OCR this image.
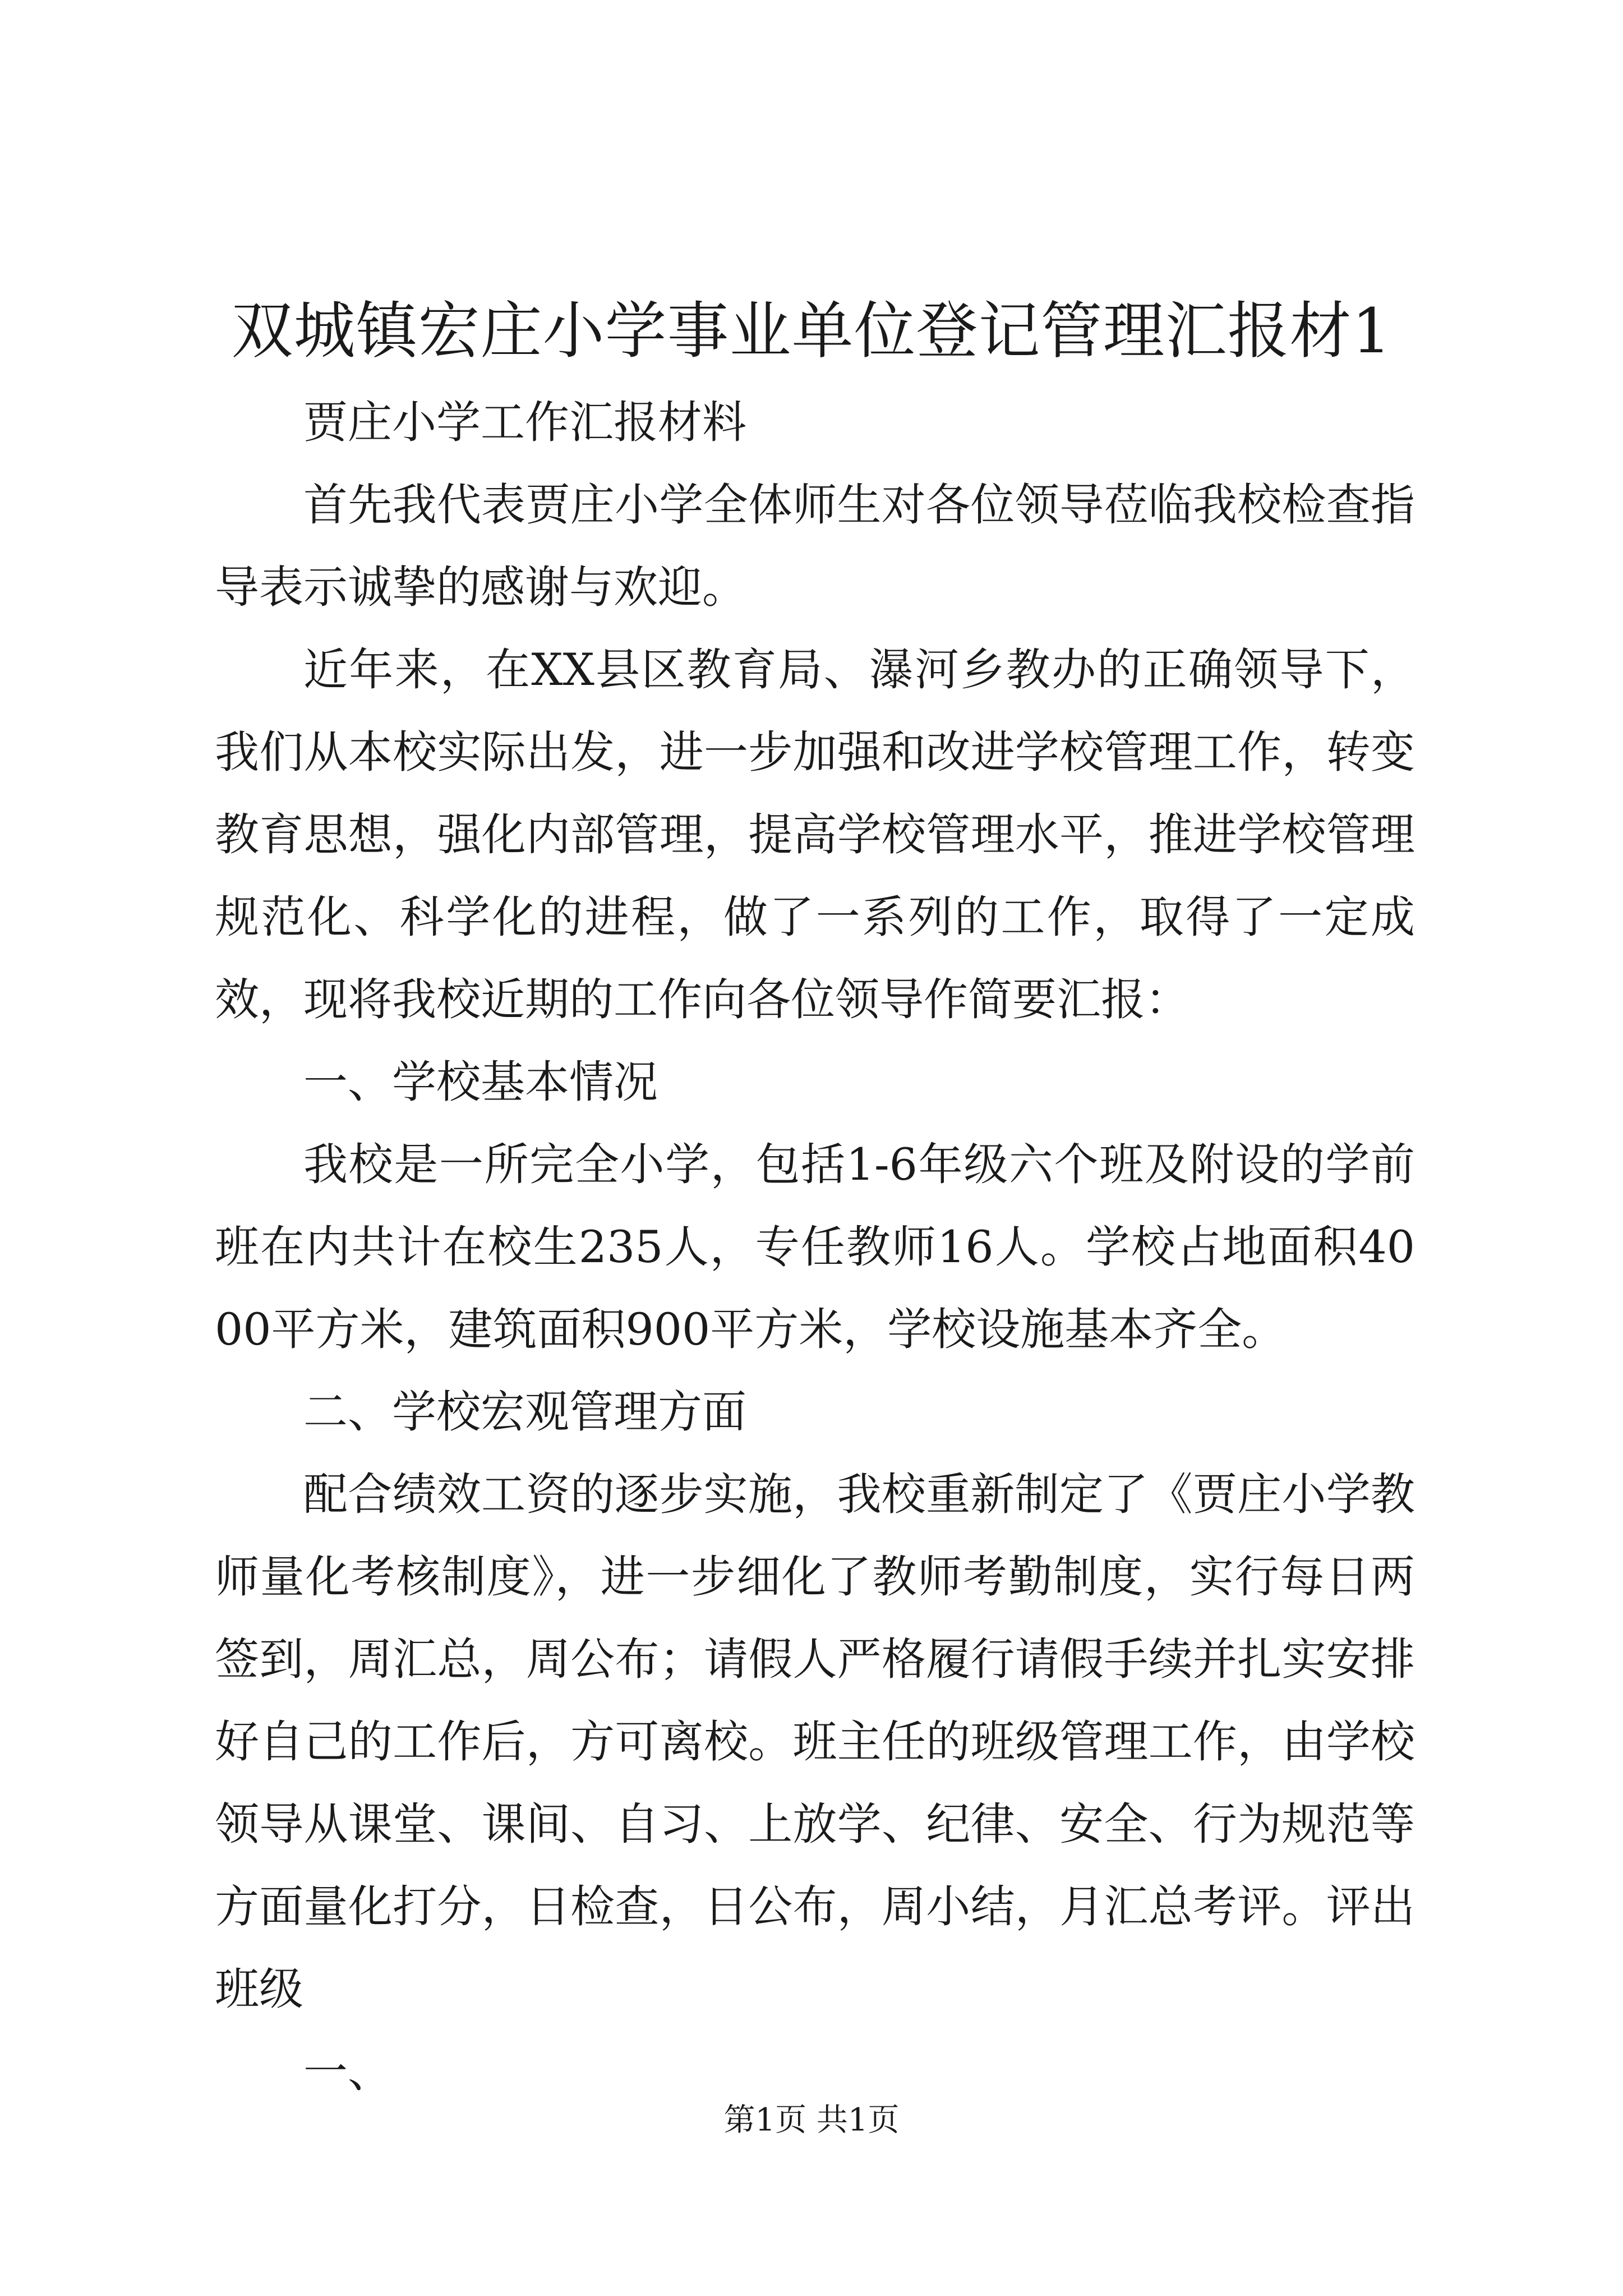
双城镇宏庄小学事业单位登记管理汇报材1

贾庄小学工作汇报材料

首先我代表贾庄小学全体师生对各位领导莅临我校检查指导表示诚挚的感谢与欢迎。

近年来，在XX县区教育局、瀑河乡教办的正确领导下，我们从本校实际出发，进一步加强和改进学校管理工作，转变教育思想，强化内部管理，提高学校管理水平，推进学校管理规范化、科学化的进程，做了一系列的工作，取得了一定成效，现将我校近期的工作向各位领导作简要汇报：

一、学校基本情况

我校是一所完全小学，包括1-6年级六个班及附设的学前班在内共计在校生235人，专任教师16人。学校占地面积4000平方米，建筑面积900平方米，学校设施基本齐全。

二、学校宏观管理方面

配合绩效工资的逐步实施，我校重新制定了《贾庄小学教师量化考核制度》，进一步细化了教师考勤制度，实行每日两签到，周汇总，周公布；请假人严格履行请假手续并扎实安排好自己的工作后，方可离校。班主任的班级管理工作，由学校领导从课堂、课间、自习、上放学、纪律、安全、行为规范等方面量化打分，日检查，日公布，周小结，月汇总考评。评出班级

一、

第1页 共1页
